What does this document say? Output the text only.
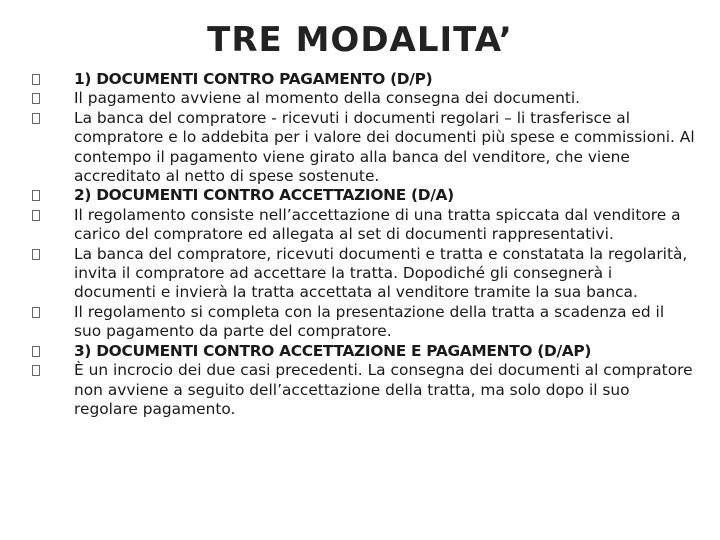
TRE MODALITA’
1) DOCUMENTI CONTRO PAGAMENTO (D/P)
Il pagamento avviene al momento della consegna dei documenti.
La banca del compratore - ricevuti i documenti regolari – li trasferisce al compratore e lo addebita per i valore dei documenti più spese e commissioni. Al contempo il pagamento viene girato alla banca del venditore, che viene accreditato al netto di spese sostenute.
2) DOCUMENTI CONTRO ACCETTAZIONE (D/A)
Il regolamento consiste nell’accettazione di una tratta spiccata dal venditore a carico del compratore ed allegata al set di documenti rappresentativi.
La banca del compratore, ricevuti documenti e tratta e constatata la regolarità, invita il compratore ad accettare la tratta. Dopodiché gli consegnerà i documenti e invierà la tratta accettata al venditore tramite la sua banca.
Il regolamento si completa con la presentazione della tratta a scadenza ed il suo pagamento da parte del compratore.
3) DOCUMENTI CONTRO ACCETTAZIONE E PAGAMENTO (D/AP)
È un incrocio dei due casi precedenti. La consegna dei documenti al compratore non avviene a seguito dell’accettazione della tratta, ma solo dopo il suo regolare pagamento.
